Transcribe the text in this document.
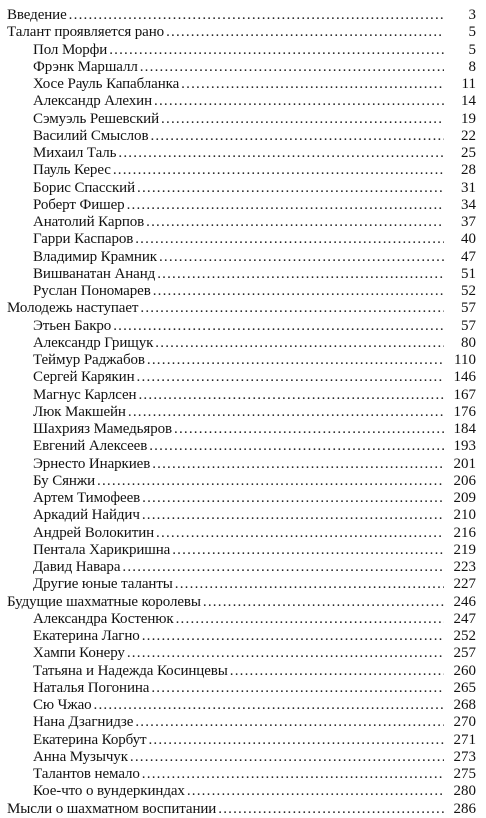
Введение .....	3
Талант проявляется рано .....	5
Пол Морфи .....	5
Фрэнк Маршалл .....	8
Хосе Рауль Капабланка .....	11
Александр Алехин .....	14
Сэмуэль Решевский .....	19
Василий Смыслов .....	22
Михаил Таль .....	25
Пауль Керес .....	28
Борис Спасский .....	31
Роберт Фишер .....	34
Анатолий Карпов .....	37
Гарри Каспаров .....	40
Владимир Крамник .....	47
Вишванатан Ананд .....	51
Руслан Пономарев .....	52
Молодежь наступает .....	57
Этьен Бакро .....	57
Александр Грищук .....	80
Теймур Раджабов .....	110
Сергей Карякин .....	146
Магнус Карлсен .....	167
Люк Макшейн .....	176
Шахрияз Мамедьяров .....	184
Евгений Алексеев .....	193
Эрнесто Инаркиев .....	201
Бу Сянжи .....	206
Артем Тимофеев .....	209
Аркадий Найдич .....	210
Андрей Волокитин .....	216
Пентала Харикришна .....	219
Давид Навара .....	223
Другие юные таланты .....	227
Будущие шахматные королевы .....	246
Александра Костенюк .....	247
Екатерина Лагно .....	252
Хампи Конеру .....	257
Татьяна и Надежда Косинцевы .....	260
Наталья Погонина .....	265
Сю Чжао .....	268
Нана Дзагнидзе .....	270
Екатерина Корбут .....	271
Анна Музычук .....	273
Талантов немало .....	275
Кое-что о вундеркиндах .....	280
Мысли о шахматном воспитании .....	286
